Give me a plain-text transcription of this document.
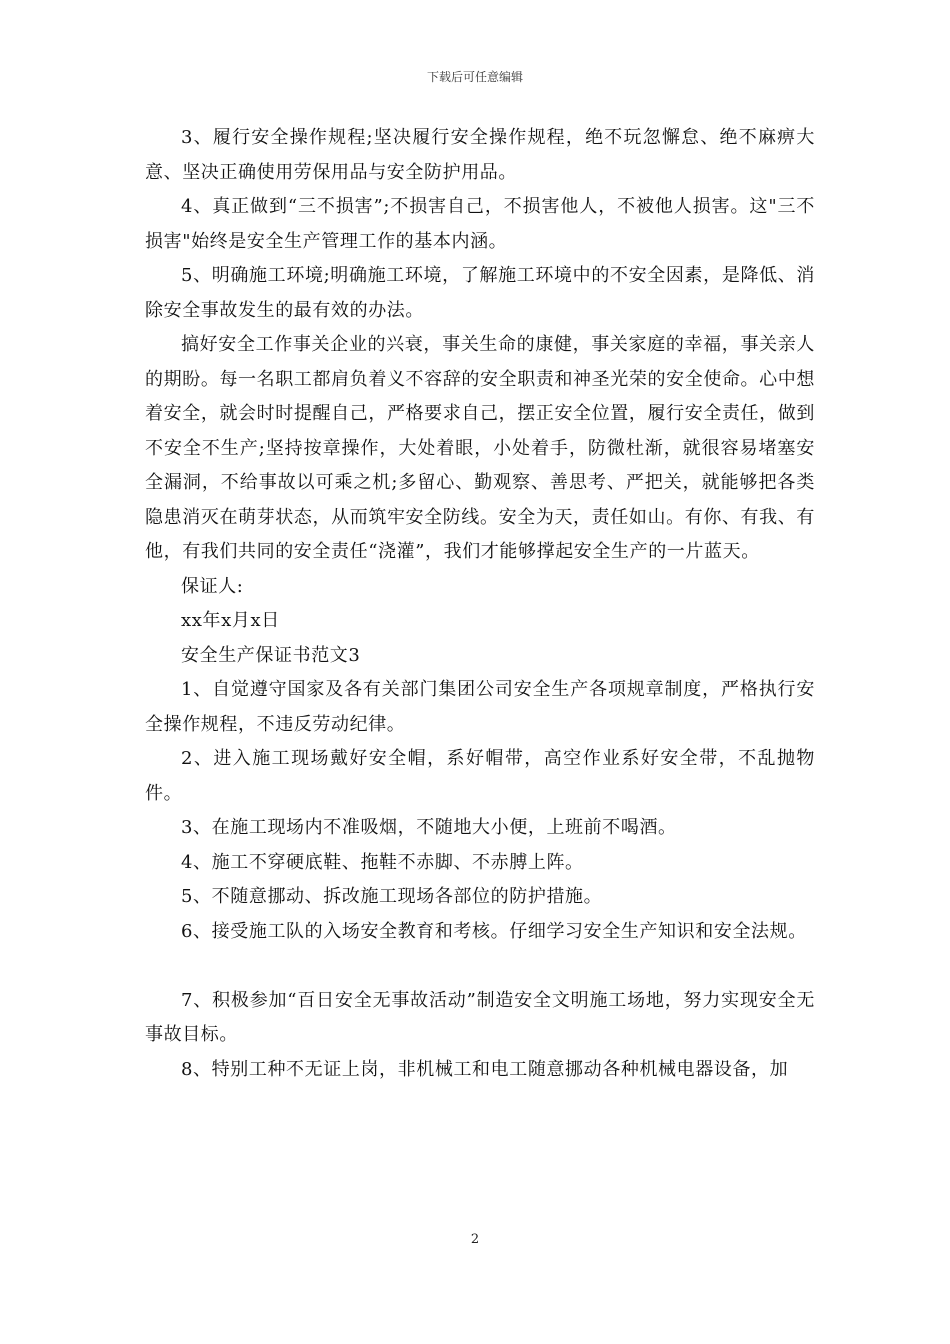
下载后可任意编辑

3、履行安全操作规程;坚决履行安全操作规程，绝不玩忽懈怠、绝不麻痹大意、坚决正确使用劳保用品与安全防护用品。

4、真正做到“三不损害”;不损害自己，不损害他人，不被他人损害。这"三不损害"始终是安全生产管理工作的基本内涵。

5、明确施工环境;明确施工环境，了解施工环境中的不安全因素，是降低、消除安全事故发生的最有效的办法。

搞好安全工作事关企业的兴衰，事关生命的康健，事关家庭的幸福，事关亲人的期盼。每一名职工都肩负着义不容辞的安全职责和神圣光荣的安全使命。心中想着安全，就会时时提醒自己，严格要求自己，摆正安全位置，履行安全责任，做到不安全不生产;坚持按章操作，大处着眼，小处着手，防微杜渐，就很容易堵塞安全漏洞，不给事故以可乘之机;多留心、勤观察、善思考、严把关，就能够把各类隐患消灭在萌芽状态，从而筑牢安全防线。安全为天，责任如山。有你、有我、有他，有我们共同的安全责任“浇灌”，我们才能够撑起安全生产的一片蓝天。

保证人:

xx年x月x日

安全生产保证书范文3

1、自觉遵守国家及各有关部门集团公司安全生产各项规章制度，严格执行安全操作规程，不违反劳动纪律。

2、进入施工现场戴好安全帽，系好帽带，高空作业系好安全带，不乱抛物件。

3、在施工现场内不准吸烟，不随地大小便，上班前不喝酒。

4、施工不穿硬底鞋、拖鞋不赤脚、不赤膊上阵。

5、不随意挪动、拆改施工现场各部位的防护措施。

6、接受施工队的入场安全教育和考核。仔细学习安全生产知识和安全法规。

7、积极参加“百日安全无事故活动”制造安全文明施工场地，努力实现安全无事故目标。

8、特别工种不无证上岗，非机械工和电工随意挪动各种机械电器设备，加

2
